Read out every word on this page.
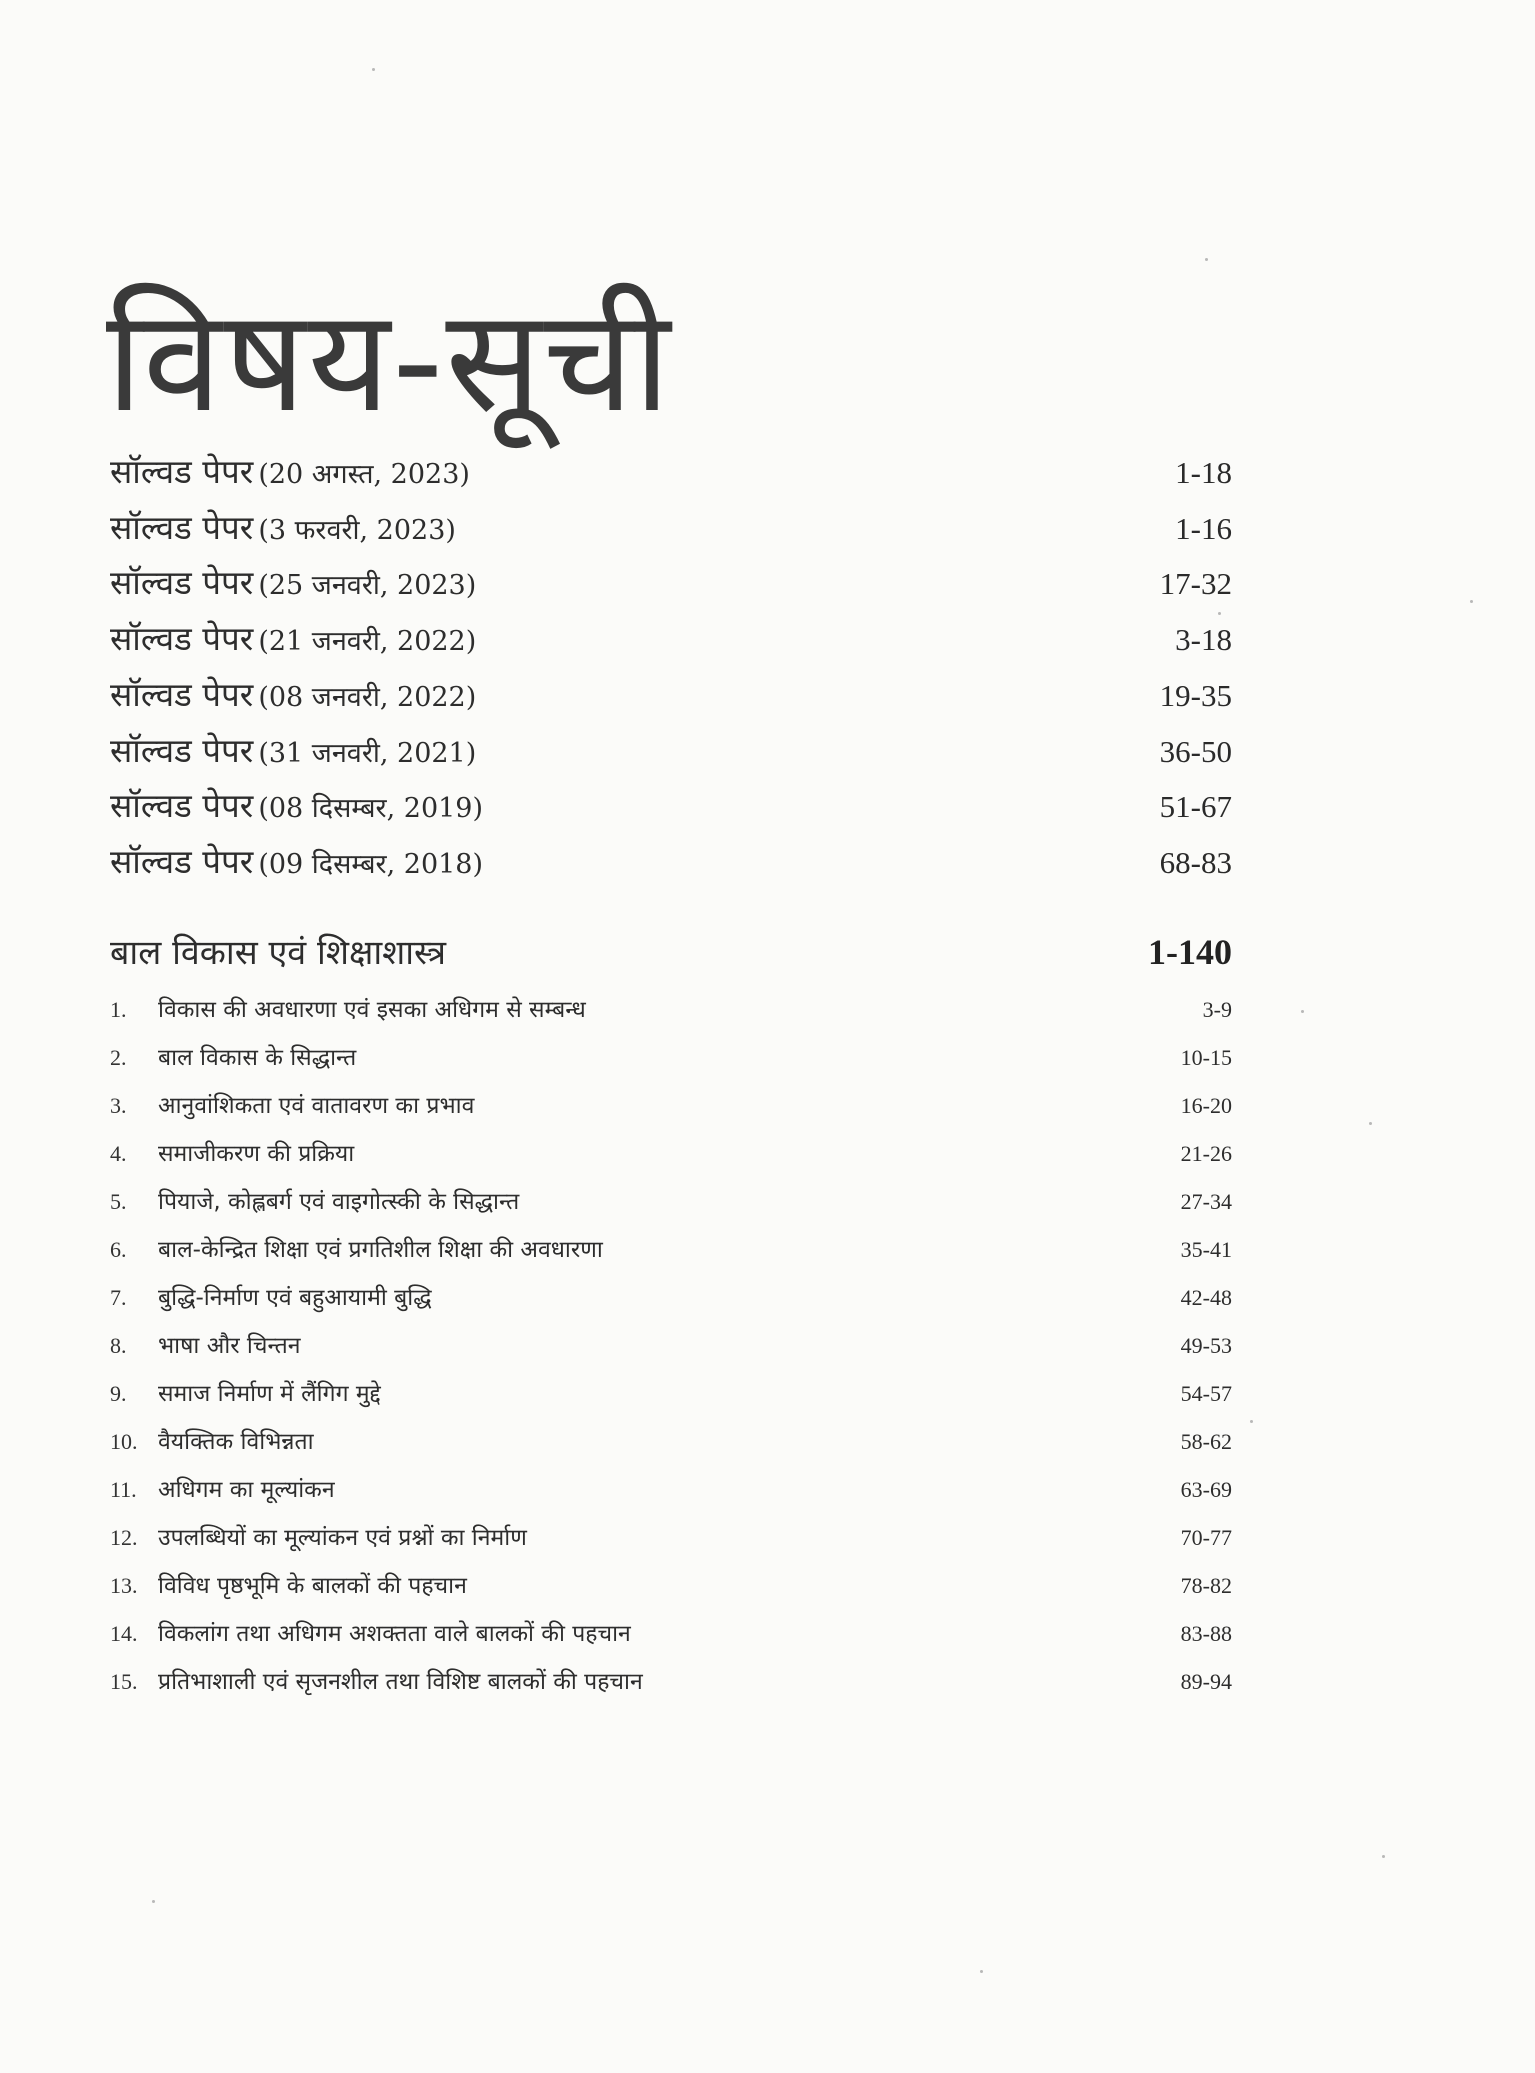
विषय-सूची
सॉल्वड पेपर (20 अगस्त, 2023)	1-18
सॉल्वड पेपर (3 फरवरी, 2023)	1-16
सॉल्वड पेपर (25 जनवरी, 2023)	17-32
सॉल्वड पेपर (21 जनवरी, 2022)	3-18
सॉल्वड पेपर (08 जनवरी, 2022)	19-35
सॉल्वड पेपर (31 जनवरी, 2021)	36-50
सॉल्वड पेपर (08 दिसम्बर, 2019)	51-67
सॉल्वड पेपर (09 दिसम्बर, 2018)	68-83
बाल विकास एवं शिक्षाशास्त्र	1-140
1. विकास की अवधारणा एवं इसका अधिगम से सम्बन्ध	3-9
2. बाल विकास के सिद्धान्त	10-15
3. आनुवांशिकता एवं वातावरण का प्रभाव	16-20
4. समाजीकरण की प्रक्रिया	21-26
5. पियाजे, कोह्लबर्ग एवं वाइगोत्स्की के सिद्धान्त	27-34
6. बाल-केन्द्रित शिक्षा एवं प्रगतिशील शिक्षा की अवधारणा	35-41
7. बुद्धि-निर्माण एवं बहुआयामी बुद्धि	42-48
8. भाषा और चिन्तन	49-53
9. समाज निर्माण में लैंगिग मुद्दे	54-57
10. वैयक्तिक विभिन्नता	58-62
11. अधिगम का मूल्यांकन	63-69
12. उपलब्धियों का मूल्यांकन एवं प्रश्नों का निर्माण	70-77
13. विविध पृष्ठभूमि के बालकों की पहचान	78-82
14. विकलांग तथा अधिगम अशक्तता वाले बालकों की पहचान	83-88
15. प्रतिभाशाली एवं सृजनशील तथा विशिष्ट बालकों की पहचान	89-94
